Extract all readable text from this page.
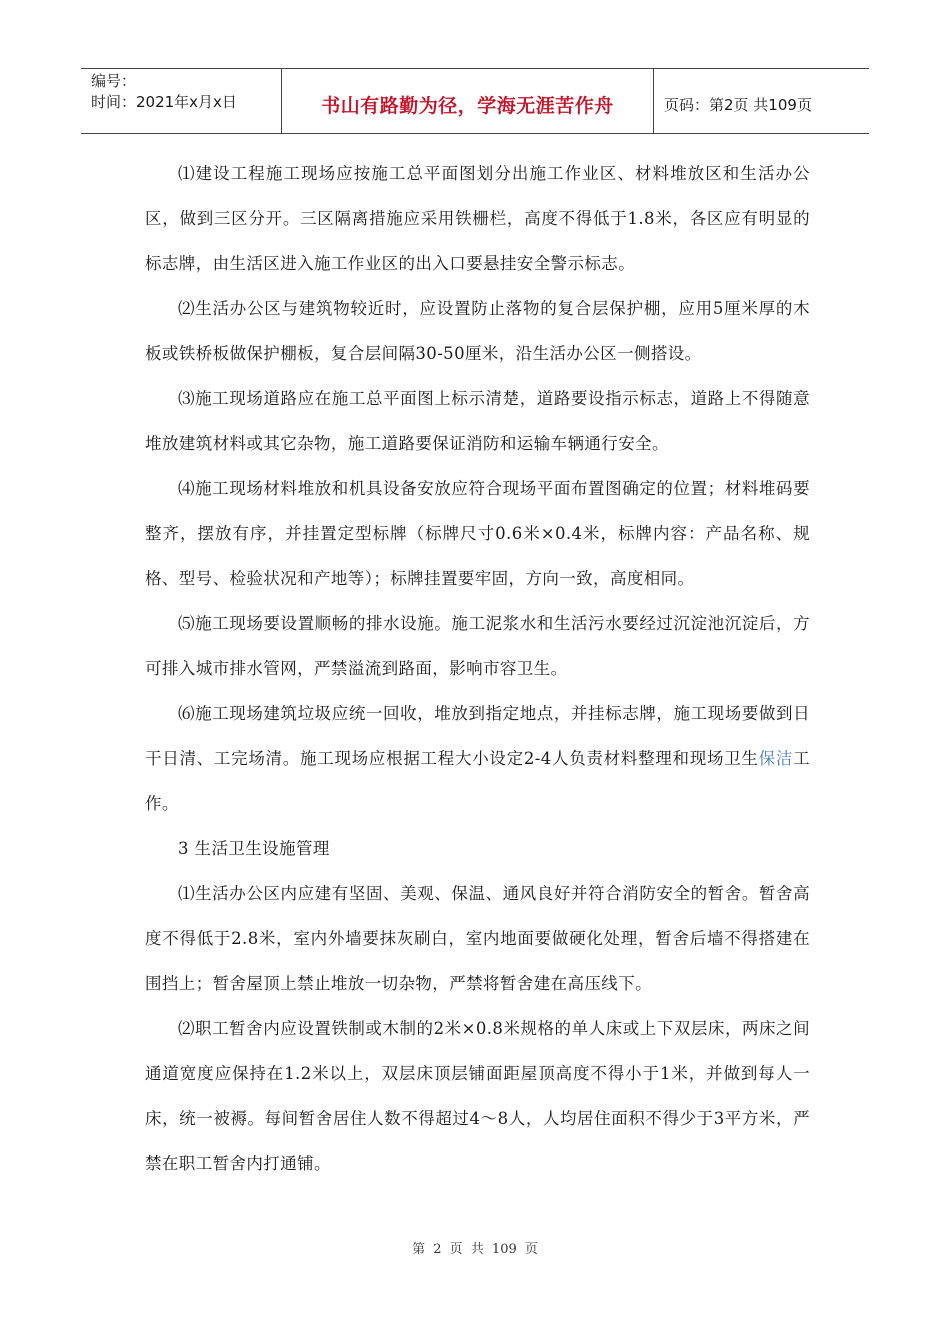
编号：
时间：2021年x月x日	书山有路勤为径，学海无涯苦作舟	页码：第2页 共109页

⑴建设工程施工现场应按施工总平面图划分出施工作业区、材料堆放区和生活办公区，做到三区分开。三区隔离措施应采用铁栅栏，高度不得低于1.8米，各区应有明显的标志牌，由生活区进入施工作业区的出入口要悬挂安全警示标志。

⑵生活办公区与建筑物较近时，应设置防止落物的复合层保护棚，应用5厘米厚的木板或铁桥板做保护棚板，复合层间隔30-50厘米，沿生活办公区一侧搭设。

⑶施工现场道路应在施工总平面图上标示清楚，道路要设指示标志，道路上不得随意堆放建筑材料或其它杂物，施工道路要保证消防和运输车辆通行安全。

⑷施工现场材料堆放和机具设备安放应符合现场平面布置图确定的位置；材料堆码要整齐，摆放有序，并挂置定型标牌（标牌尺寸0.6米×0.4米，标牌内容：产品名称、规格、型号、检验状况和产地等）；标牌挂置要牢固，方向一致，高度相同。

⑸施工现场要设置顺畅的排水设施。施工泥浆水和生活污水要经过沉淀池沉淀后，方可排入城市排水管网，严禁溢流到路面，影响市容卫生。

⑹施工现场建筑垃圾应统一回收，堆放到指定地点，并挂标志牌，施工现场要做到日干日清、工完场清。施工现场应根据工程大小设定2-4人负责材料整理和现场卫生保洁工作。

3 生活卫生设施管理

⑴生活办公区内应建有坚固、美观、保温、通风良好并符合消防安全的暂舍。暂舍高度不得低于2.8米，室内外墙要抹灰刷白，室内地面要做硬化处理，暂舍后墙不得搭建在围挡上；暂舍屋顶上禁止堆放一切杂物，严禁将暂舍建在高压线下。

⑵职工暂舍内应设置铁制或木制的2米×0.8米规格的单人床或上下双层床，两床之间通道宽度应保持在1.2米以上，双层床顶层铺面距屋顶高度不得小于1米，并做到每人一床，统一被褥。每间暂舍居住人数不得超过4～8人，人均居住面积不得少于3平方米，严禁在职工暂舍内打通铺。

第 2 页 共 109 页
